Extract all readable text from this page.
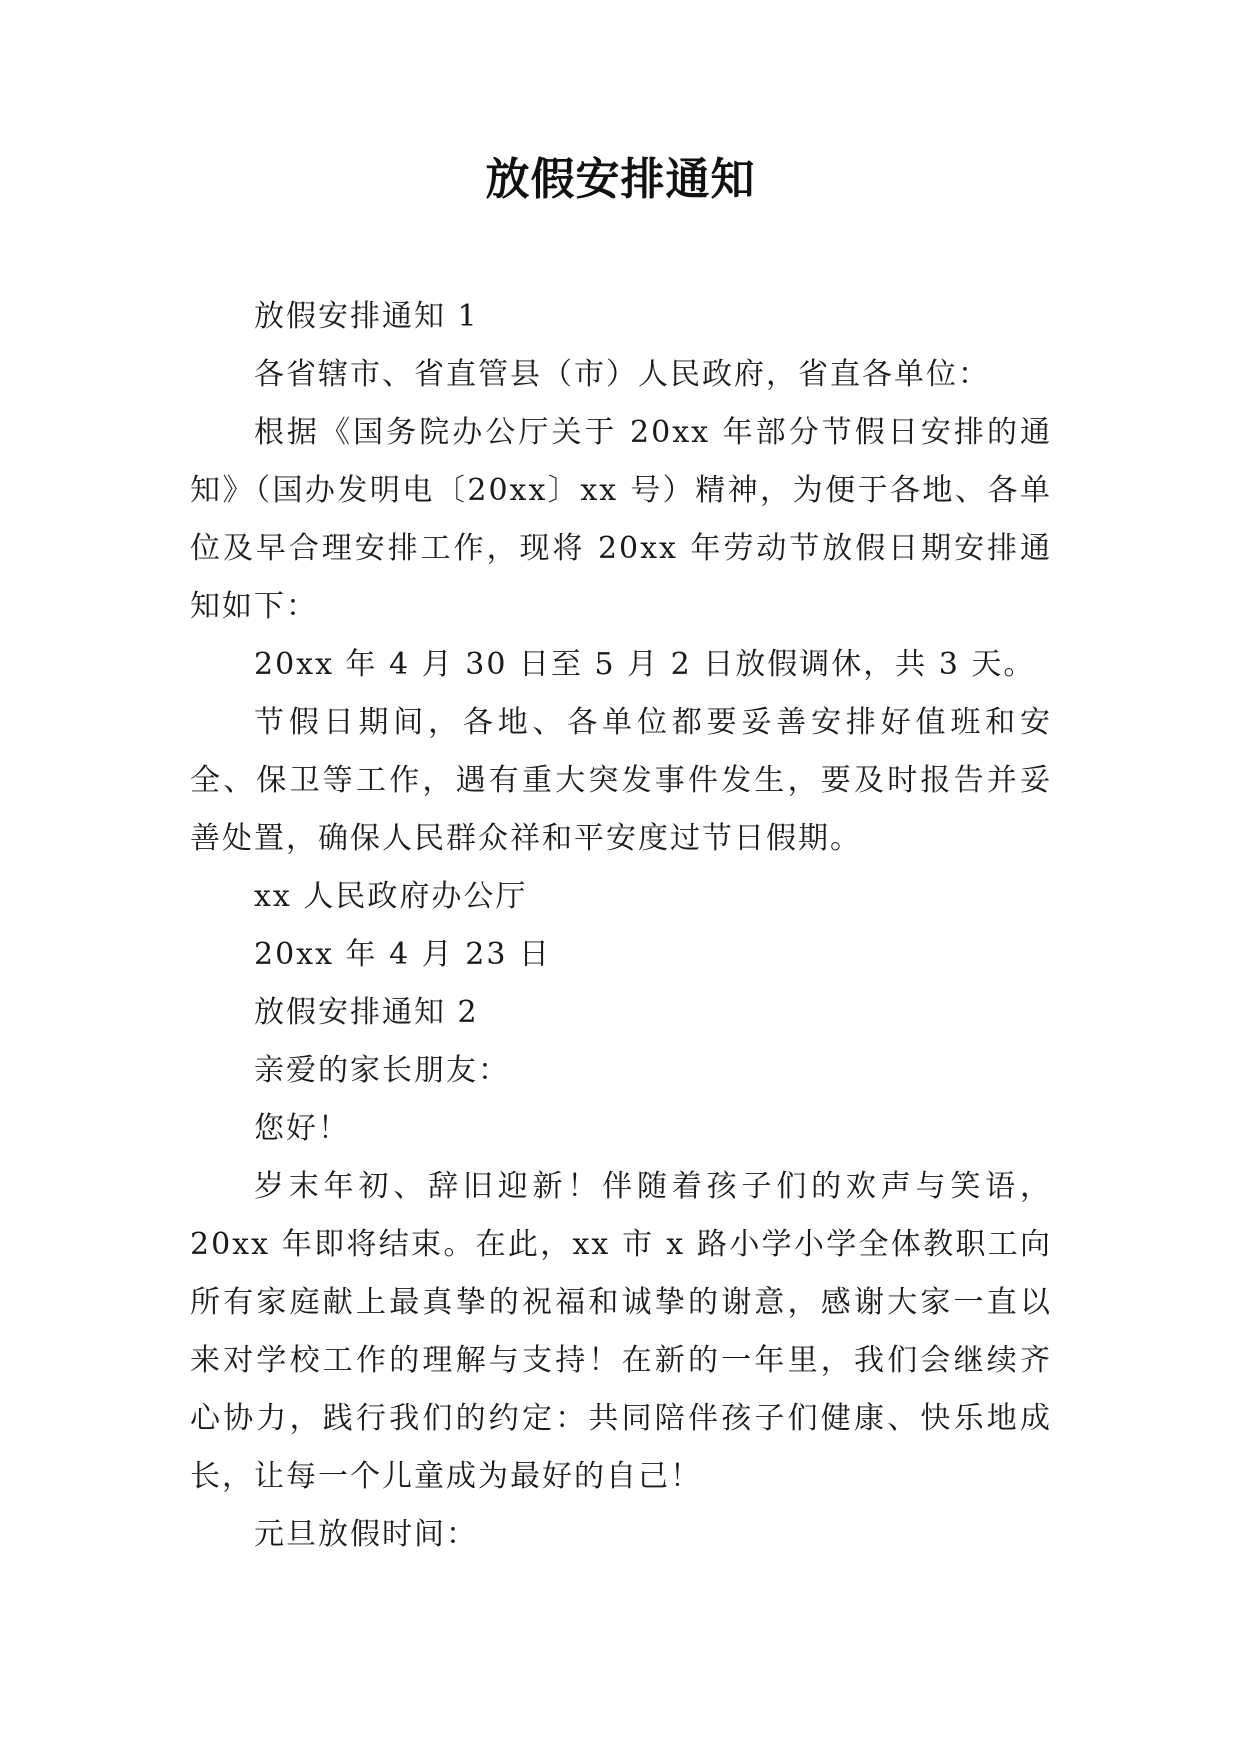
放假安排通知

放假安排通知 1

各省辖市、省直管县（市）人民政府，省直各单位：

根据《国务院办公厅关于 20xx 年部分节假日安排的通知》（国办发明电〔20xx〕xx 号）精神，为便于各地、各单位及早合理安排工作，现将 20xx 年劳动节放假日期安排通知如下：

20xx 年 4 月 30 日至 5 月 2 日放假调休，共 3 天。

节假日期间，各地、各单位都要妥善安排好值班和安全、保卫等工作，遇有重大突发事件发生，要及时报告并妥善处置，确保人民群众祥和平安度过节日假期。

xx 人民政府办公厅

20xx 年 4 月 23 日

放假安排通知 2

亲爱的家长朋友：

您好！

岁末年初、辞旧迎新！伴随着孩子们的欢声与笑语，20xx 年即将结束。在此，xx 市 x 路小学小学全体教职工向所有家庭献上最真挚的祝福和诚挚的谢意，感谢大家一直以来对学校工作的理解与支持！在新的一年里，我们会继续齐心协力，践行我们的约定：共同陪伴孩子们健康、快乐地成长，让每一个儿童成为最好的自己！

元旦放假时间：
